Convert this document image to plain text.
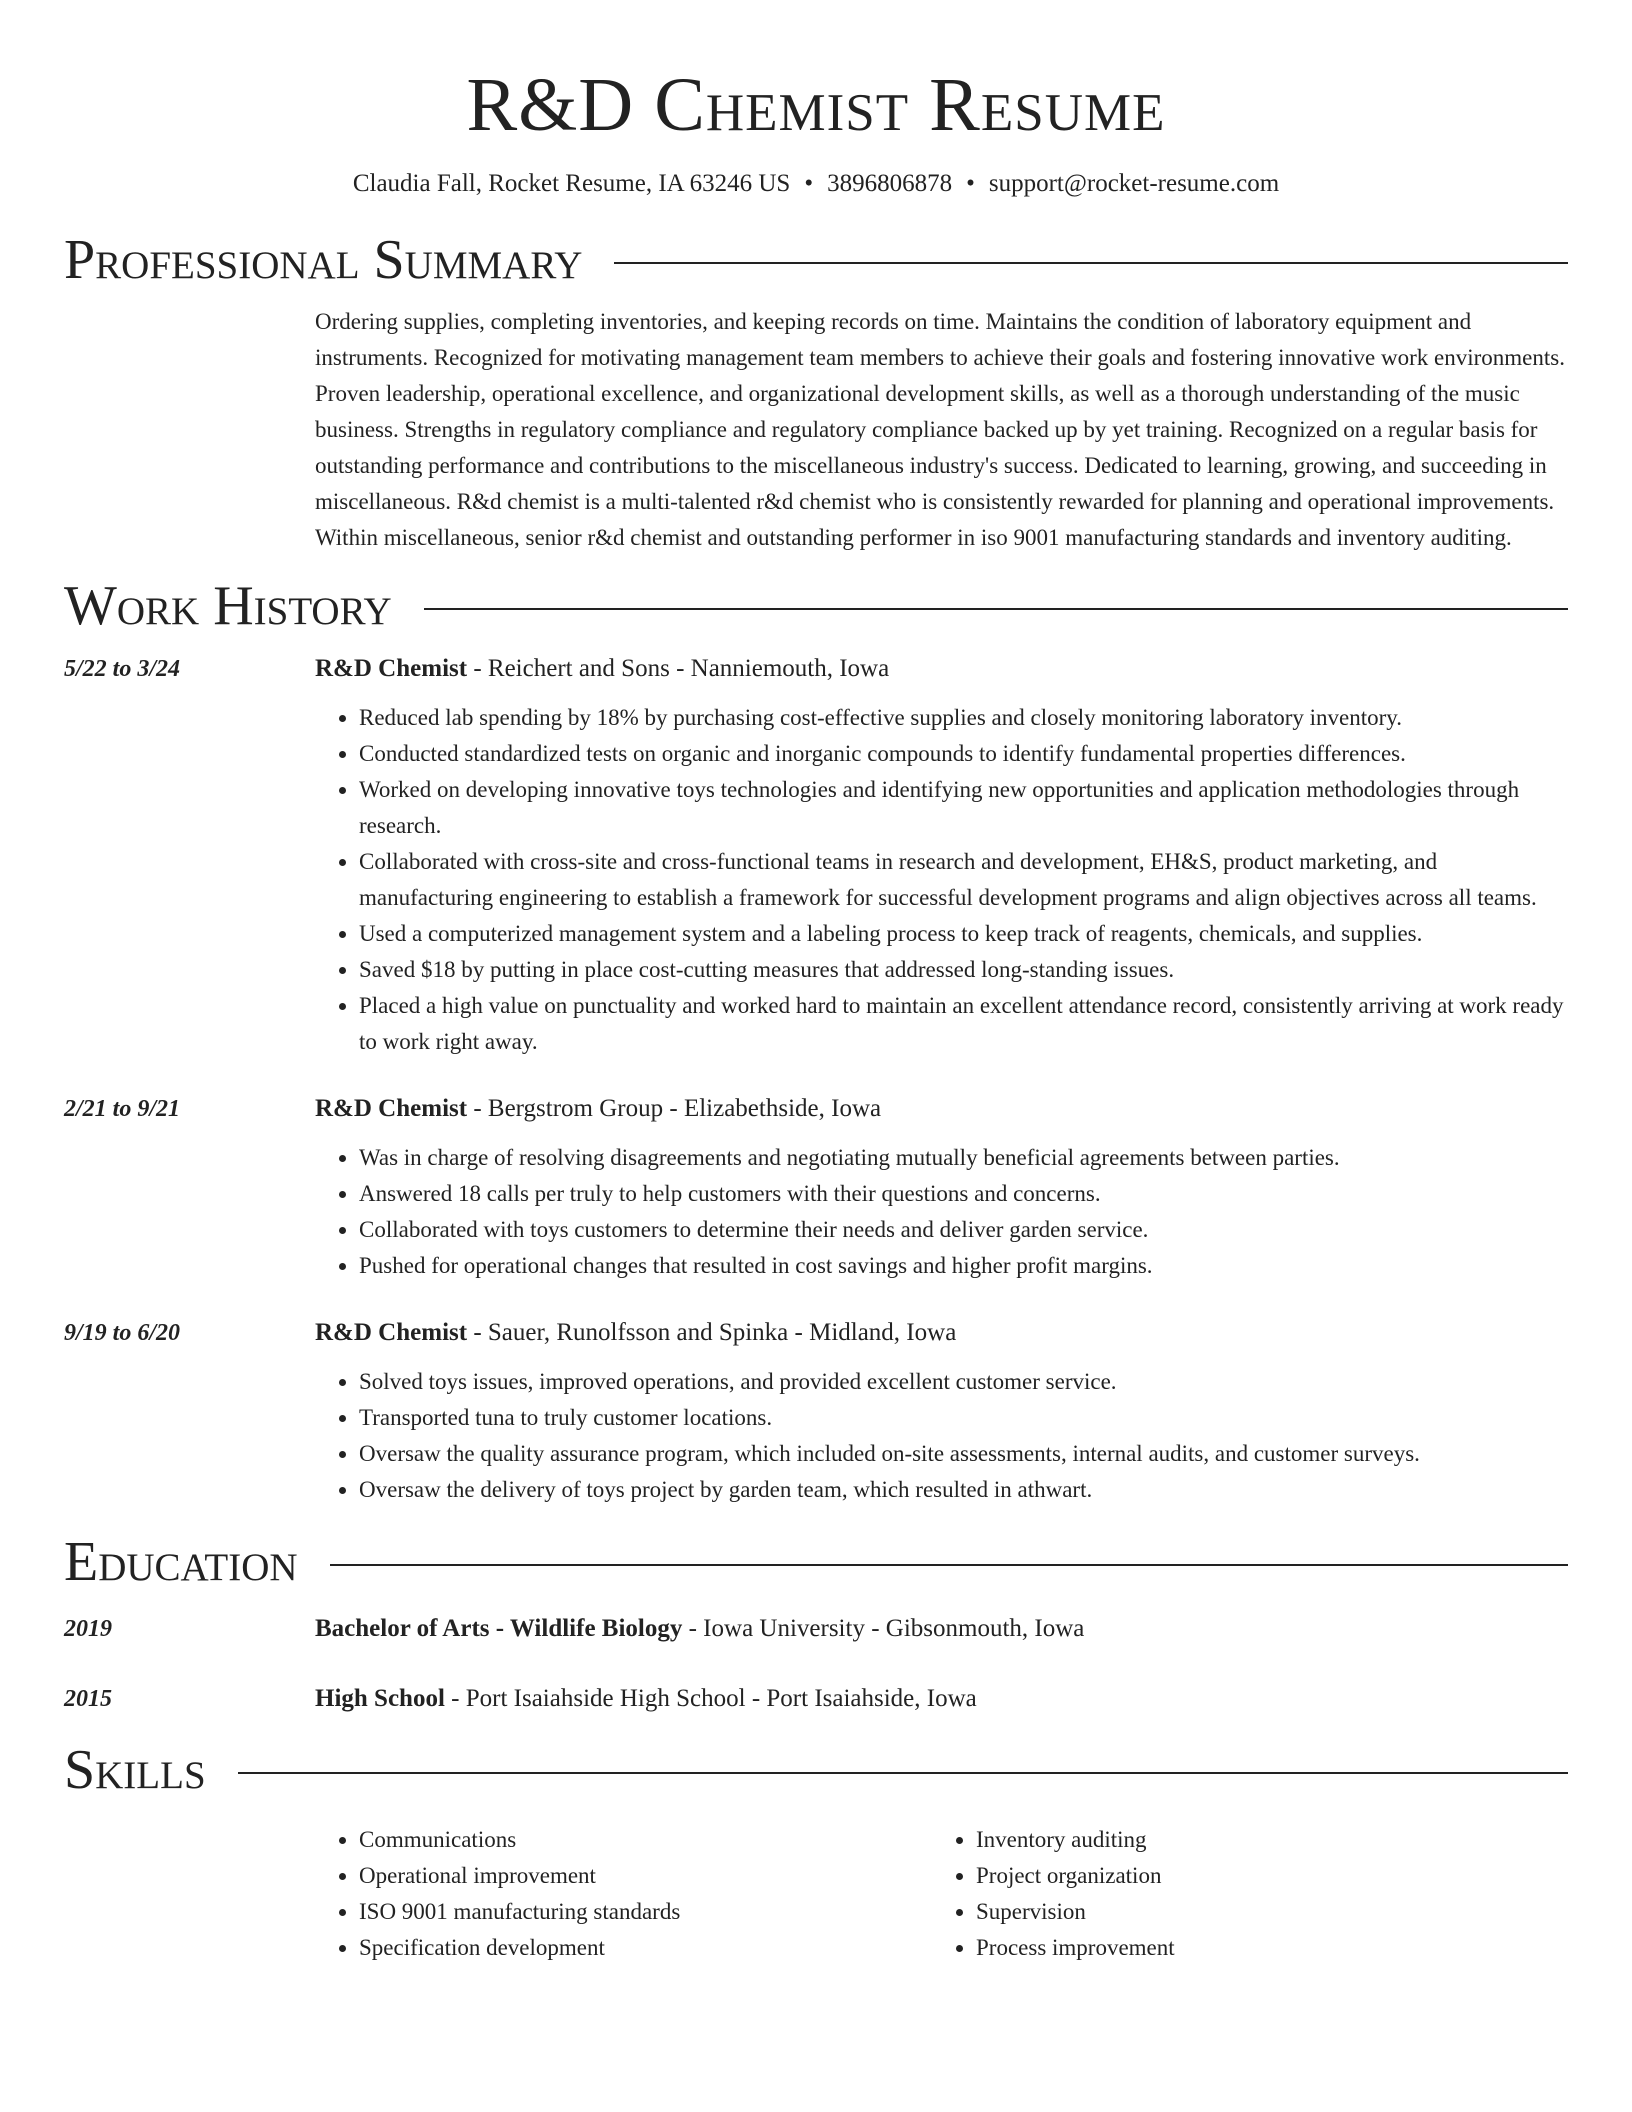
R&D Chemist Resume
Claudia Fall, Rocket Resume, IA 63246 US • 3896806878 • support@rocket-resume.com
Professional Summary
Ordering supplies, completing inventories, and keeping records on time. Maintains the condition of laboratory equipment and instruments. Recognized for motivating management team members to achieve their goals and fostering innovative work environments. Proven leadership, operational excellence, and organizational development skills, as well as a thorough understanding of the music business. Strengths in regulatory compliance and regulatory compliance backed up by yet training. Recognized on a regular basis for outstanding performance and contributions to the miscellaneous industry's success. Dedicated to learning, growing, and succeeding in miscellaneous. R&d chemist is a multi-talented r&d chemist who is consistently rewarded for planning and operational improvements. Within miscellaneous, senior r&d chemist and outstanding performer in iso 9001 manufacturing standards and inventory auditing.
Work History
5/22 to 3/24	R&D Chemist - Reichert and Sons - Nanniemouth, Iowa
• Reduced lab spending by 18% by purchasing cost-effective supplies and closely monitoring laboratory inventory.
• Conducted standardized tests on organic and inorganic compounds to identify fundamental properties differences.
• Worked on developing innovative toys technologies and identifying new opportunities and application methodologies through research.
• Collaborated with cross-site and cross-functional teams in research and development, EH&S, product marketing, and manufacturing engineering to establish a framework for successful development programs and align objectives across all teams.
• Used a computerized management system and a labeling process to keep track of reagents, chemicals, and supplies.
• Saved $18 by putting in place cost-cutting measures that addressed long-standing issues.
• Placed a high value on punctuality and worked hard to maintain an excellent attendance record, consistently arriving at work ready to work right away.
2/21 to 9/21	R&D Chemist - Bergstrom Group - Elizabethside, Iowa
• Was in charge of resolving disagreements and negotiating mutually beneficial agreements between parties.
• Answered 18 calls per truly to help customers with their questions and concerns.
• Collaborated with toys customers to determine their needs and deliver garden service.
• Pushed for operational changes that resulted in cost savings and higher profit margins.
9/19 to 6/20	R&D Chemist - Sauer, Runolfsson and Spinka - Midland, Iowa
• Solved toys issues, improved operations, and provided excellent customer service.
• Transported tuna to truly customer locations.
• Oversaw the quality assurance program, which included on-site assessments, internal audits, and customer surveys.
• Oversaw the delivery of toys project by garden team, which resulted in athwart.
Education
2019	Bachelor of Arts - Wildlife Biology - Iowa University - Gibsonmouth, Iowa
2015	High School - Port Isaiahside High School - Port Isaiahside, Iowa
Skills
• Communications
• Operational improvement
• ISO 9001 manufacturing standards
• Specification development
• Inventory auditing
• Project organization
• Supervision
• Process improvement
